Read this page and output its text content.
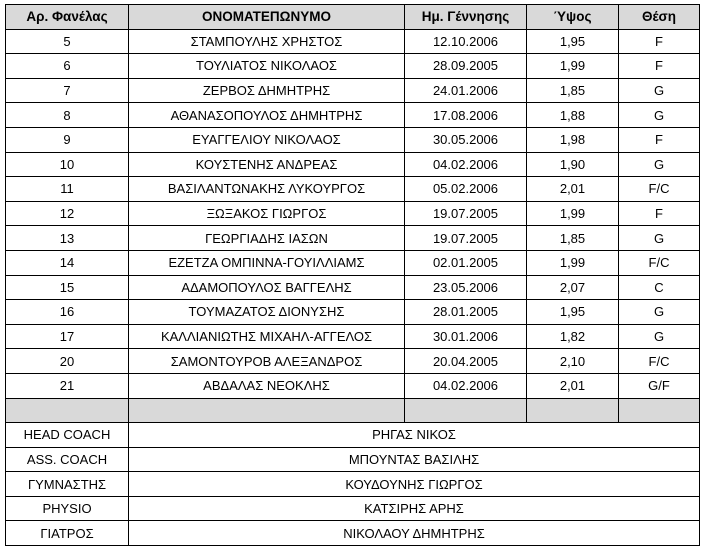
Αρ. Φανέλας	ΟΝΟΜΑΤΕΠΩΝΥΜΟ	Ημ. Γέννησης	Ύψος	Θέση
5	ΣΤΑΜΠΟΥΛΗΣ ΧΡΗΣΤΟΣ	12.10.2006	1,95	F
6	ΤΟΥΛΙΑΤΟΣ ΝΙΚΟΛΑΟΣ	28.09.2005	1,99	F
7	ΖΕΡΒΟΣ ΔΗΜΗΤΡΗΣ	24.01.2006	1,85	G
8	ΑΘΑΝΑΣΟΠΟΥΛΟΣ ΔΗΜΗΤΡΗΣ	17.08.2006	1,88	G
9	ΕΥΑΓΓΕΛΙΟΥ ΝΙΚΟΛΑΟΣ	30.05.2006	1,98	F
10	ΚΟΥΣΤΕΝΗΣ ΑΝΔΡΕΑΣ	04.02.2006	1,90	G
11	ΒΑΣΙΛΑΝΤΩΝΑΚΗΣ ΛΥΚΟΥΡΓΟΣ	05.02.2006	2,01	F/C
12	ΞΩΞΑΚΟΣ ΓΙΩΡΓΟΣ	19.07.2005	1,99	F
13	ΓΕΩΡΓΙΑΔΗΣ ΙΑΣΩΝ	19.07.2005	1,85	G
14	ΕΖΕΤΖΑ ΟΜΠΙΝΝΑ-ΓΟΥΙΛΛΙΑΜΣ	02.01.2005	1,99	F/C
15	ΑΔΑΜΟΠΟΥΛΟΣ ΒΑΓΓΕΛΗΣ	23.05.2006	2,07	C
16	ΤΟΥΜΑΖΑΤΟΣ ΔΙΟΝΥΣΗΣ	28.01.2005	1,95	G
17	ΚΑΛΛΙΑΝΙΩΤΗΣ ΜΙΧΑΗΛ-ΑΓΓΕΛΟΣ	30.01.2006	1,82	G
20	ΣΑΜΟΝΤΟΥΡΟΒ ΑΛΕΞΑΝΔΡΟΣ	20.04.2005	2,10	F/C
21	ΑΒΔΑΛΑΣ ΝΕΟΚΛΗΣ	04.02.2006	2,01	G/F

HEAD COACH	ΡΗΓΑΣ ΝΙΚΟΣ			
ASS. COACH	ΜΠΟΥΝΤΑΣ ΒΑΣΙΛΗΣ			
ΓΥΜΝΑΣΤΗΣ	ΚΟΥΔΟΥΝΗΣ ΓΙΩΡΓΟΣ			
PHYSIO	ΚΑΤΣΙΡΗΣ ΑΡΗΣ			
ΓΙΑΤΡΟΣ	ΝΙΚΟΛΑΟΥ ΔΗΜΗΤΡΗΣ			
